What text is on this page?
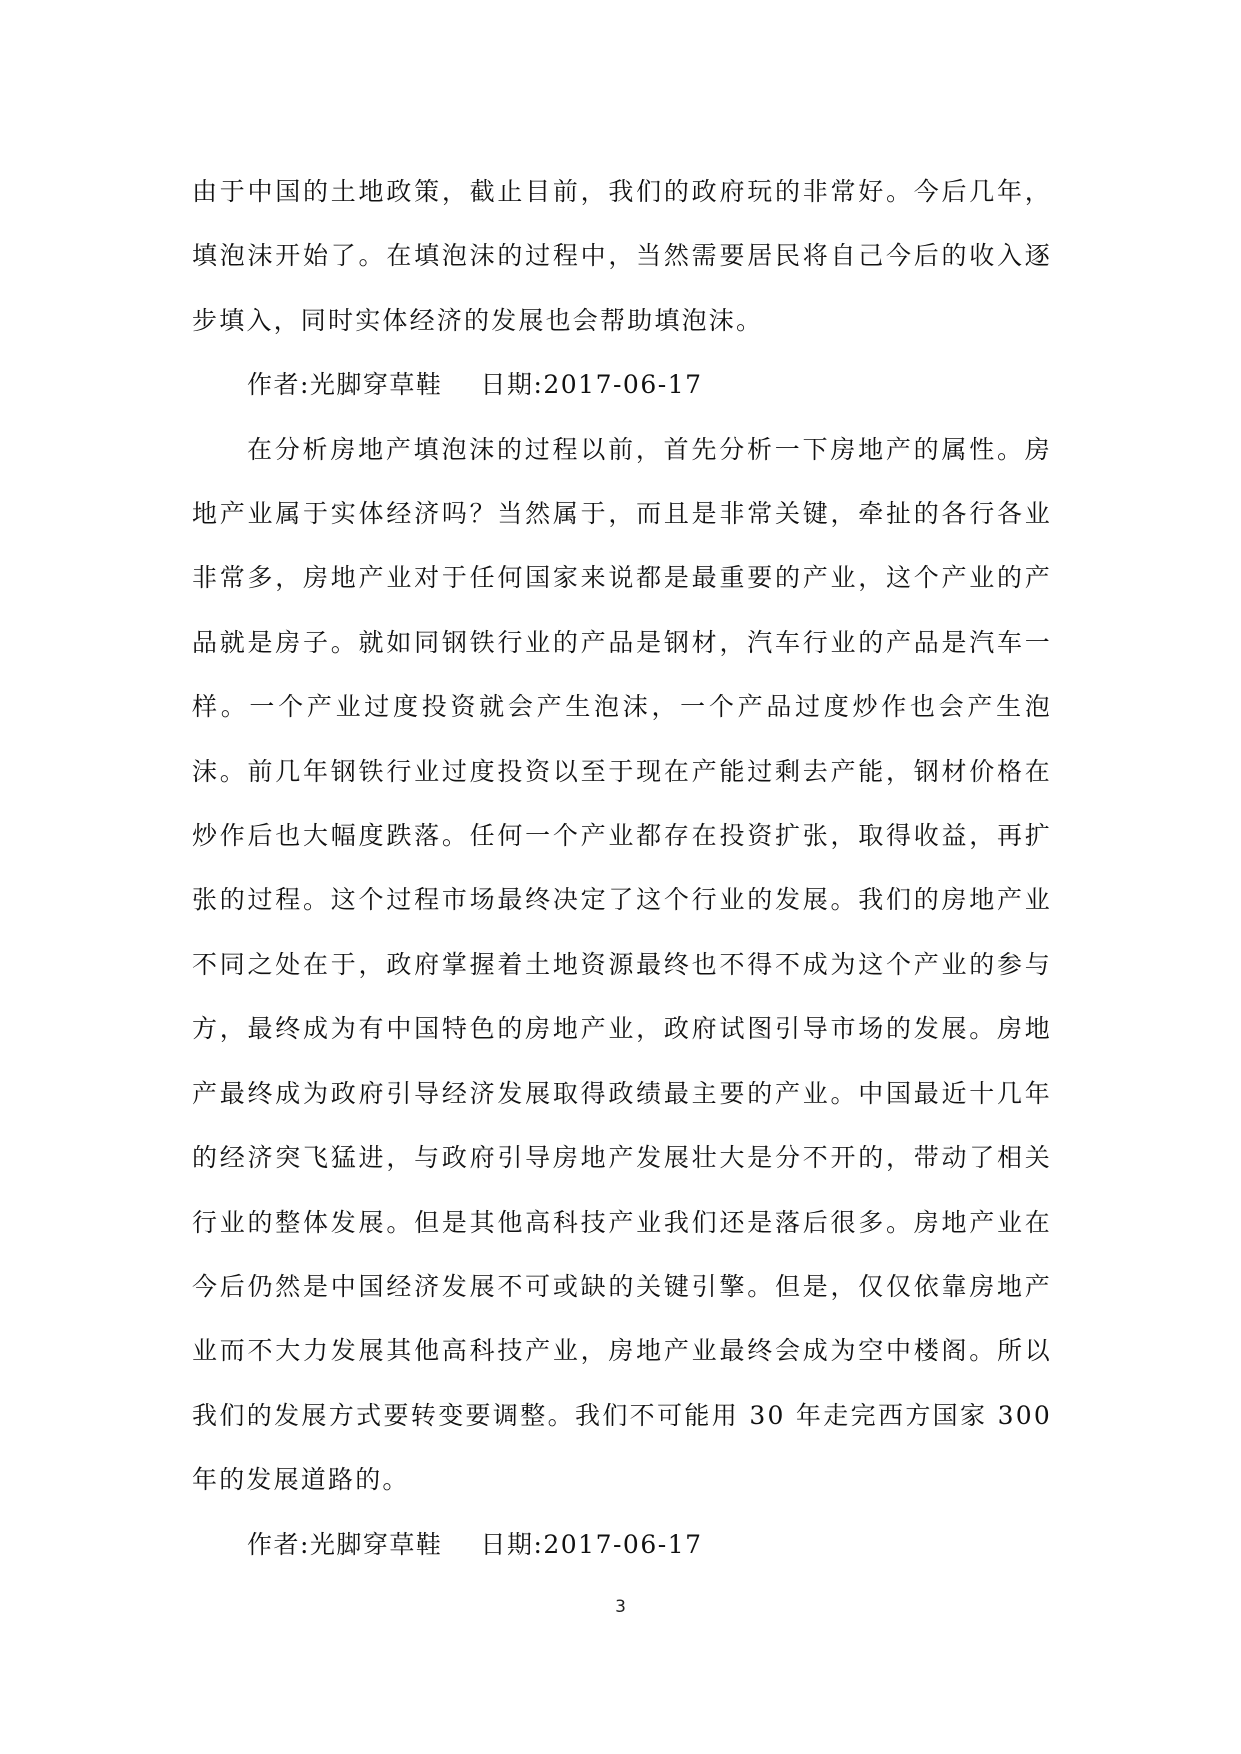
由于中国的土地政策，截止目前，我们的政府玩的非常好。今后几年，填泡沫开始了。在填泡沫的过程中，当然需要居民将自己今后的收入逐步填入，同时实体经济的发展也会帮助填泡沫。

作者:光脚穿草鞋 日期:2017-06-17

在分析房地产填泡沫的过程以前，首先分析一下房地产的属性。房地产业属于实体经济吗？当然属于，而且是非常关键，牵扯的各行各业非常多，房地产业对于任何国家来说都是最重要的产业，这个产业的产品就是房子。就如同钢铁行业的产品是钢材，汽车行业的产品是汽车一样。一个产业过度投资就会产生泡沫，一个产品过度炒作也会产生泡沫。前几年钢铁行业过度投资以至于现在产能过剩去产能，钢材价格在炒作后也大幅度跌落。任何一个产业都存在投资扩张，取得收益，再扩张的过程。这个过程市场最终决定了这个行业的发展。我们的房地产业不同之处在于，政府掌握着土地资源最终也不得不成为这个产业的参与方，最终成为有中国特色的房地产业，政府试图引导市场的发展。房地产最终成为政府引导经济发展取得政绩最主要的产业。中国最近十几年的经济突飞猛进，与政府引导房地产发展壮大是分不开的，带动了相关行业的整体发展。但是其他高科技产业我们还是落后很多。房地产业在今后仍然是中国经济发展不可或缺的关键引擎。但是，仅仅依靠房地产业而不大力发展其他高科技产业，房地产业最终会成为空中楼阁。所以我们的发展方式要转变要调整。我们不可能用 30 年走完西方国家 300 年的发展道路的。

作者:光脚穿草鞋 日期:2017-06-17

3
